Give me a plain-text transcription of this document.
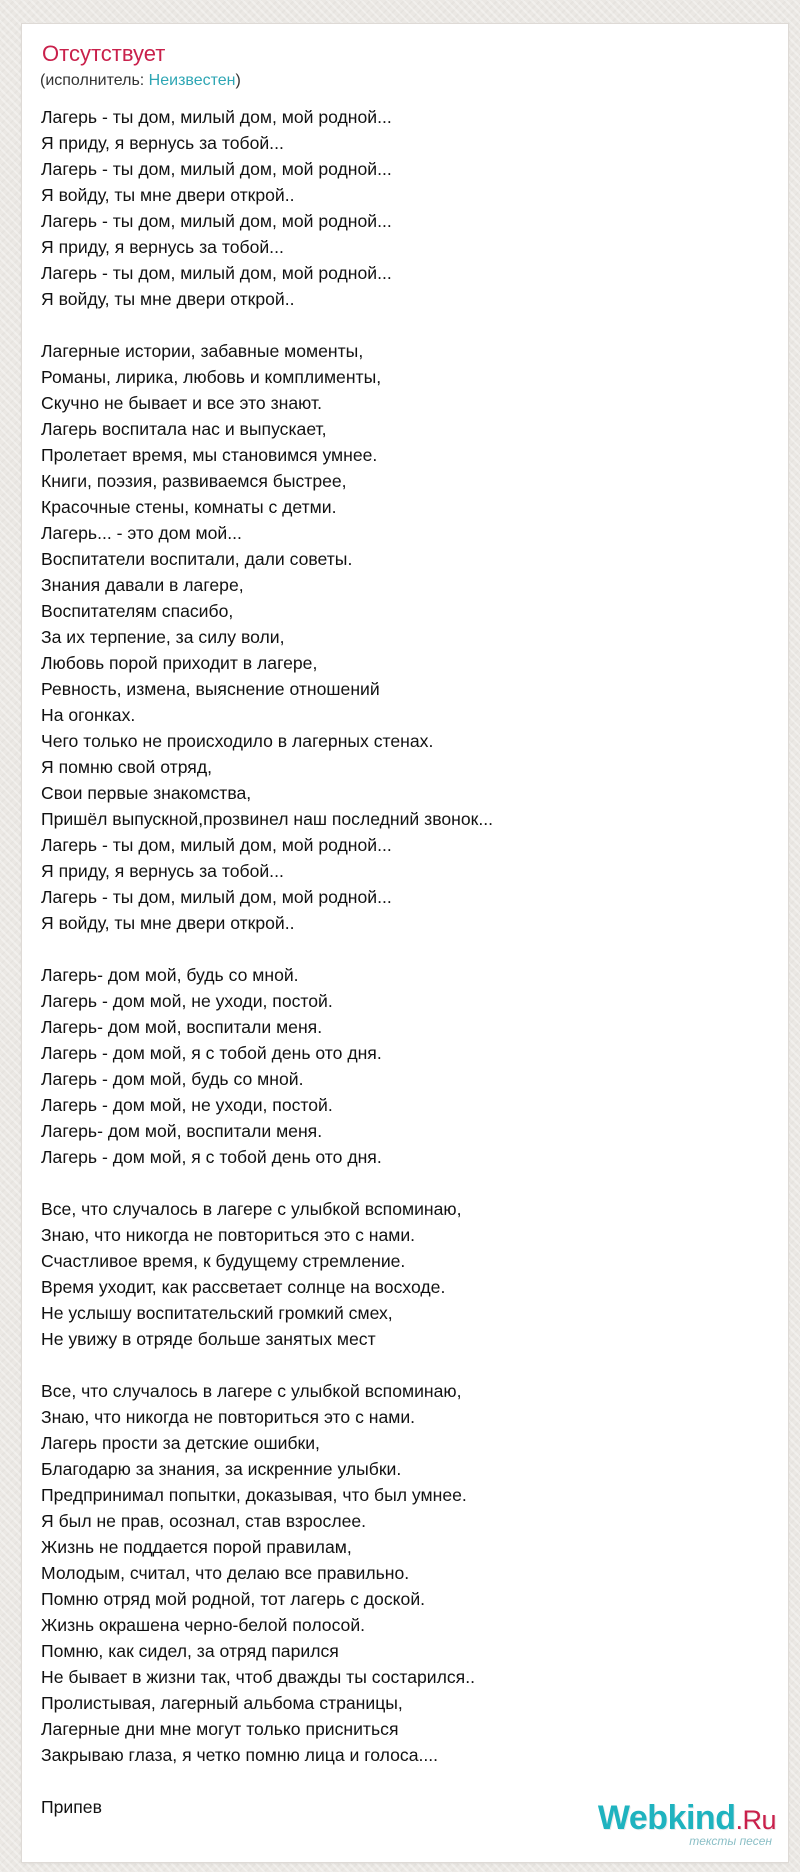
Отсутствует
(исполнитель: Неизвестен)
Лагерь - ты дом, милый дом, мой родной...
Я приду, я вернусь за тобой...
Лагерь - ты дом, милый дом, мой родной...
Я войду, ты мне двери открой..
Лагерь - ты дом, милый дом, мой родной...
Я приду, я вернусь за тобой...
Лагерь - ты дом, милый дом, мой родной...
Я войду, ты мне двери открой..
Лагерные истории, забавные моменты,
Романы, лирика, любовь и комплименты,
Скучно не бывает и все это знают.
Лагерь воспитала нас и выпускает,
Пролетает время, мы становимся умнее.
Книги, поэзия, развиваемся быстрее,
Красочные стены, комнаты с детми.
Лагерь... - это дом мой...
Воспитатели воспитали, дали советы.
Знания давали в лагере,
Воспитателям спасибо,
За их терпение, за силу воли,
Любовь порой приходит в лагере,
Ревность, измена, выяснение отношений
На огонках.
Чего только не происходило в лагерных стенах.
Я помню свой отряд,
Свои первые знакомства,
Пришёл выпускной,прозвинел наш последний звонок...
Лагерь - ты дом, милый дом, мой родной...
Я приду, я вернусь за тобой...
Лагерь - ты дом, милый дом, мой родной...
Я войду, ты мне двери открой..
Лагерь- дом мой, будь со мной.
Лагерь - дом мой, не уходи, постой.
Лагерь- дом мой, воспитали меня.
Лагерь - дом мой, я с тобой день ото дня.
Лагерь - дом мой, будь со мной.
Лагерь - дом мой, не уходи, постой.
Лагерь- дом мой, воспитали меня.
Лагерь - дом мой, я с тобой день ото дня.
Все, что случалось в лагере с улыбкой вспоминаю,
Знаю, что никогда не повториться это с нами.
Счастливое время, к будущему стремление.
Время уходит, как рассветает солнце на восходе.
Не услышу воспитательский громкий смех,
Не увижу в отряде больше занятых мест
Все, что случалось в лагере с улыбкой вспоминаю,
Знаю, что никогда не повториться это с нами.
Лагерь прости за детские ошибки,
Благодарю за знания, за искренние улыбки.
Предпринимал попытки, доказывая, что был умнее.
Я был не прав, осознал, став взрослее.
Жизнь не поддается порой правилам,
Молодым, считал, что делаю все правильно.
Помню отряд мой родной, тот лагерь с доской.
Жизнь окрашена черно-белой полосой.
Помню, как сидел, за отряд парился
Не бывает в жизни так, чтоб дважды ты состарился..
Пролистывая, лагерный альбома страницы,
Лагерные дни мне могут только присниться
Закрываю глаза, я четко помню лица и голоса....
Припев	Webkind.Ru
тексты песен
